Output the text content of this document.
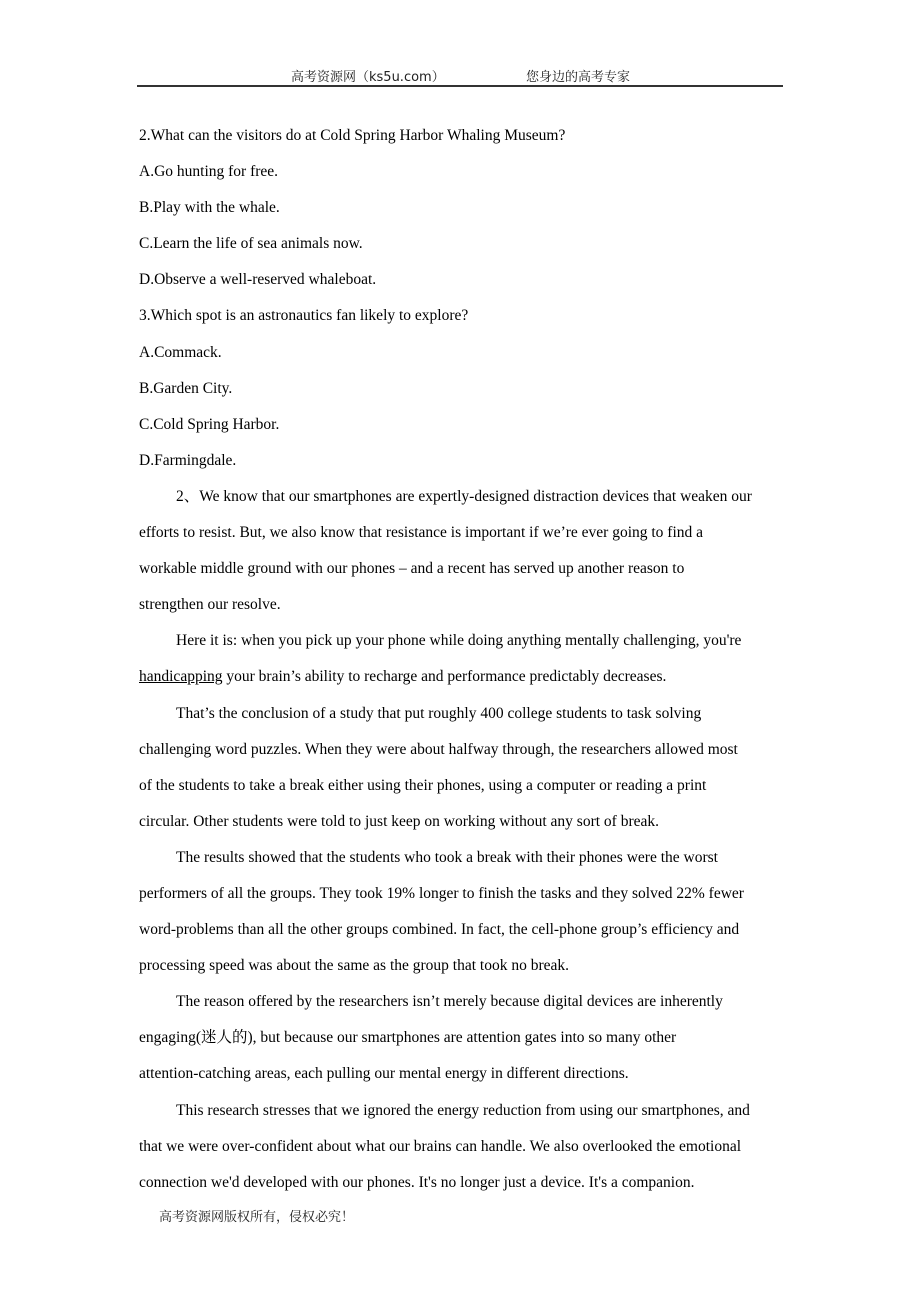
高考资源网（ks5u.com）	您身边的高考专家
2.What can the visitors do at Cold Spring Harbor Whaling Museum?
A.Go hunting for free.
B.Play with the whale.
C.Learn the life of sea animals now.
D.Observe a well-reserved whaleboat.
3.Which spot is an astronautics fan likely to explore?
A.Commack.
B.Garden City.
C.Cold Spring Harbor.
D.Farmingdale.
2、We know that our smartphones are expertly-designed distraction devices that weaken our
efforts to resist. But, we also know that resistance is important if we’re ever going to find a
workable middle ground with our phones – and a recent has served up another reason to
strengthen our resolve.
Here it is: when you pick up your phone while doing anything mentally challenging, you're
handicapping your brain’s ability to recharge and performance predictably decreases.
That’s the conclusion of a study that put roughly 400 college students to task solving
challenging word puzzles. When they were about halfway through, the researchers allowed most
of the students to take a break either using their phones, using a computer or reading a print
circular. Other students were told to just keep on working without any sort of break.
The results showed that the students who took a break with their phones were the worst
performers of all the groups. They took 19% longer to finish the tasks and they solved 22% fewer
word-problems than all the other groups combined. In fact, the cell-phone group’s efficiency and
processing speed was about the same as the group that took no break.
The reason offered by the researchers isn’t merely because digital devices are inherently
engaging(迷人的), but because our smartphones are attention gates into so many other
attention-catching areas, each pulling our mental energy in different directions.
This research stresses that we ignored the energy reduction from using our smartphones, and
that we were over-confident about what our brains can handle. We also overlooked the emotional
connection we'd developed with our phones. It's no longer just a device. It's a companion.
高考资源网版权所有，侵权必究！
